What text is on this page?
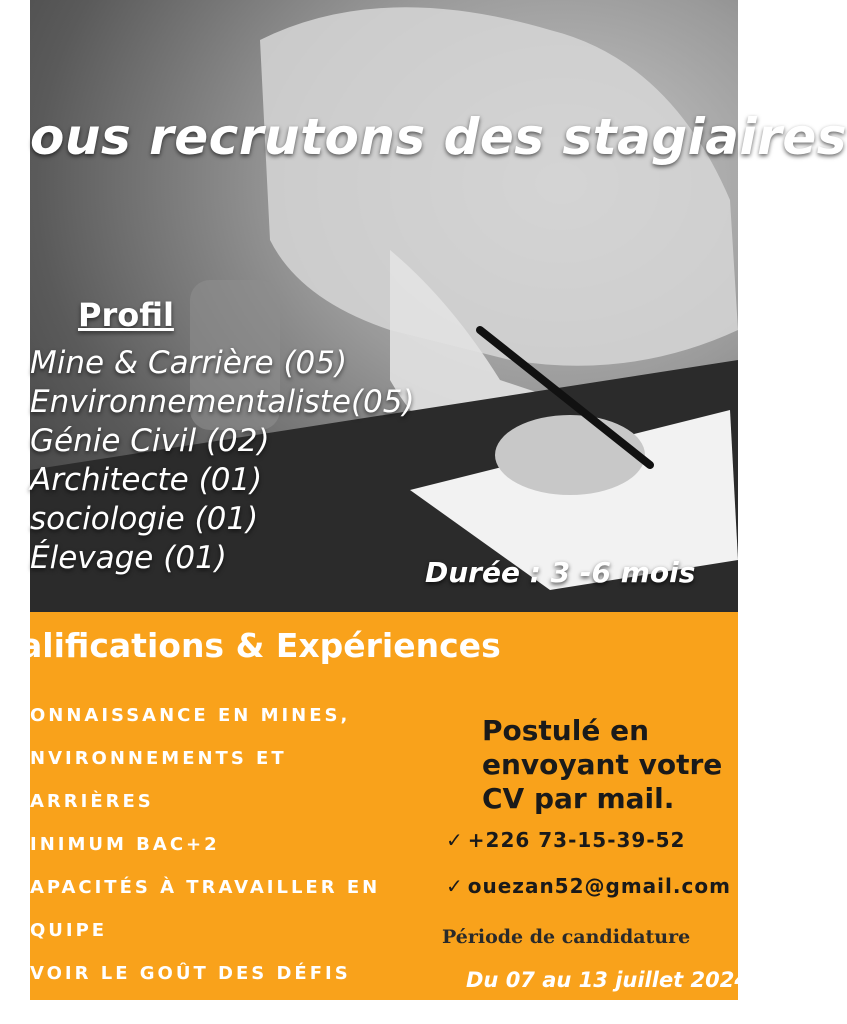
ous recrutons des stagiaires
Profil
Mine & Carrière (05)
Environnementaliste(05)
Génie Civil (02)
Architecte (01)
sociologie (01)
Élevage (01)	Durée : 3 -6 mois
alifications & Expériences
ONNAISSANCE EN MINES,
NVIRONNEMENTS ET
ARRIÈRES
INIMUM BAC+2
APACITÉS À TRAVAILLER EN
QUIPE
VOIR LE GOÛT DES DÉFIS
Postulé en
envoyant votre
CV par mail.
✓ +226 73-15-39-52
✓ ouezan52@gmail.com
Période de candidature
Du 07 au 13 juillet 2024
